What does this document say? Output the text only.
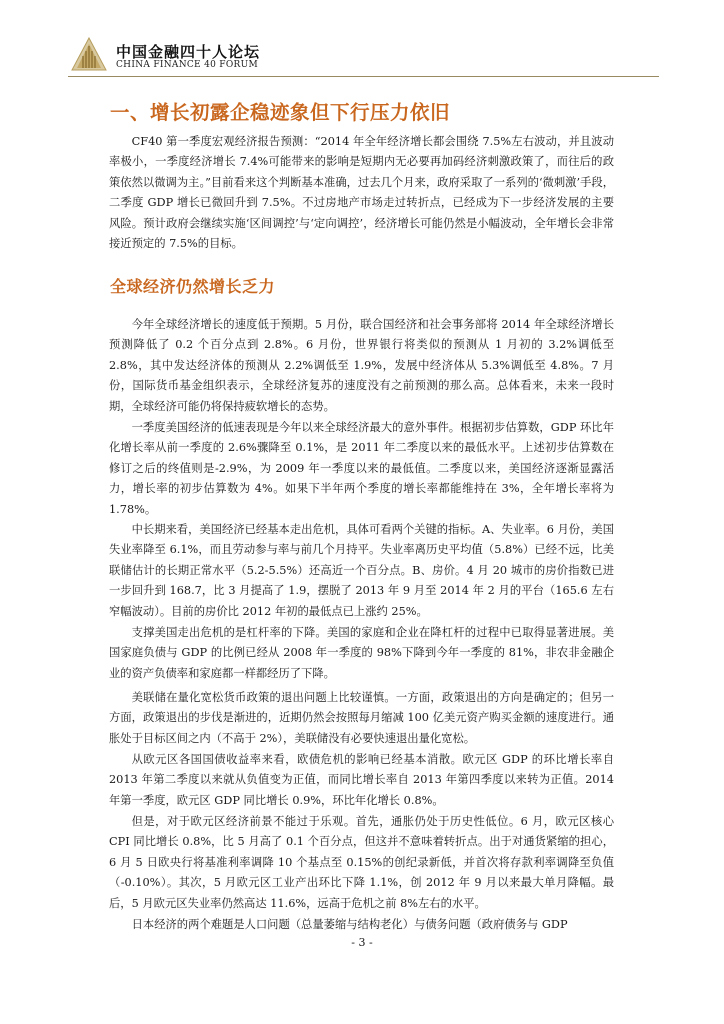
中国金融四十人论坛
CHINA FINANCE 40 FORUM
一、增长初露企稳迹象但下行压力依旧

CF40 第一季度宏观经济报告预测：“2014 年全年经济增长都会围绕 7.5%左右波动，并且波动率极小，一季度经济增长 7.4%可能带来的影响是短期内无必要再加码经济刺激政策了，而往后的政策依然以微调为主。”目前看来这个判断基本准确，过去几个月来，政府采取了一系列的‘微刺激’手段，二季度 GDP 增长已微回升到 7.5%。不过房地产市场走过转折点，已经成为下一步经济发展的主要风险。预计政府会继续实施‘区间调控’与‘定向调控’，经济增长可能仍然是小幅波动，全年增长会非常接近预定的 7.5%的目标。

全球经济仍然增长乏力

今年全球经济增长的速度低于预期。5 月份，联合国经济和社会事务部将 2014 年全球经济增长预测降低了 0.2 个百分点到 2.8%。6 月份，世界银行将类似的预测从 1 月初的 3.2%调低至 2.8%，其中发达经济体的预测从 2.2%调低至 1.9%，发展中经济体从 5.3%调低至 4.8%。7 月份，国际货币基金组织表示，全球经济复苏的速度没有之前预测的那么高。总体看来，未来一段时期，全球经济可能仍将保持疲软增长的态势。

一季度美国经济的低速表现是今年以来全球经济最大的意外事件。根据初步估算数，GDP 环比年化增长率从前一季度的 2.6%骤降至 0.1%，是 2011 年二季度以来的最低水平。上述初步估算数在修订之后的终值则是-2.9%，为 2009 年一季度以来的最低值。二季度以来，美国经济逐渐显露活力，增长率的初步估算数为 4%。如果下半年两个季度的增长率都能维持在 3%，全年增长率将为 1.78%。

中长期来看，美国经济已经基本走出危机，具体可看两个关键的指标。A、失业率。6 月份，美国失业率降至 6.1%，而且劳动参与率与前几个月持平。失业率离历史平均值（5.8%）已经不远，比美联储估计的长期正常水平（5.2-5.5%）还高近一个百分点。B、房价。4 月 20 城市的房价指数已进一步回升到 168.7，比 3 月提高了 1.9，摆脱了 2013 年 9 月至 2014 年 2 月的平台（165.6 左右窄幅波动）。目前的房价比 2012 年初的最低点已上涨约 25%。

支撑美国走出危机的是杠杆率的下降。美国的家庭和企业在降杠杆的过程中已取得显著进展。美国家庭负债与 GDP 的比例已经从 2008 年一季度的 98%下降到今年一季度的 81%，非农非金融企业的资产负债率和家庭都一样都经历了下降。

美联储在量化宽松货币政策的退出问题上比较谨慎。一方面，政策退出的方向是确定的；但另一方面，政策退出的步伐是渐进的，近期仍然会按照每月缩减 100 亿美元资产购买金额的速度进行。通胀处于目标区间之内（不高于 2%），美联储没有必要快速退出量化宽松。

从欧元区各国国债收益率来看，欧债危机的影响已经基本消散。欧元区 GDP 的环比增长率自 2013 年第二季度以来就从负值变为正值，而同比增长率自 2013 年第四季度以来转为正值。2014 年第一季度，欧元区 GDP 同比增长 0.9%，环比年化增长 0.8%。

但是，对于欧元区经济前景不能过于乐观。首先，通胀仍处于历史性低位。6 月，欧元区核心 CPI 同比增长 0.8%，比 5 月高了 0.1 个百分点，但这并不意味着转折点。出于对通货紧缩的担心，6 月 5 日欧央行将基准利率调降 10 个基点至 0.15%的创纪录新低，并首次将存款利率调降至负值（-0.10%）。其次，5 月欧元区工业产出环比下降 1.1%，创 2012 年 9 月以来最大单月降幅。最后，5 月欧元区失业率仍然高达 11.6%，远高于危机之前 8%左右的水平。

日本经济的两个难题是人口问题（总量萎缩与结构老化）与债务问题（政府债务与 GDP

- 3 -
